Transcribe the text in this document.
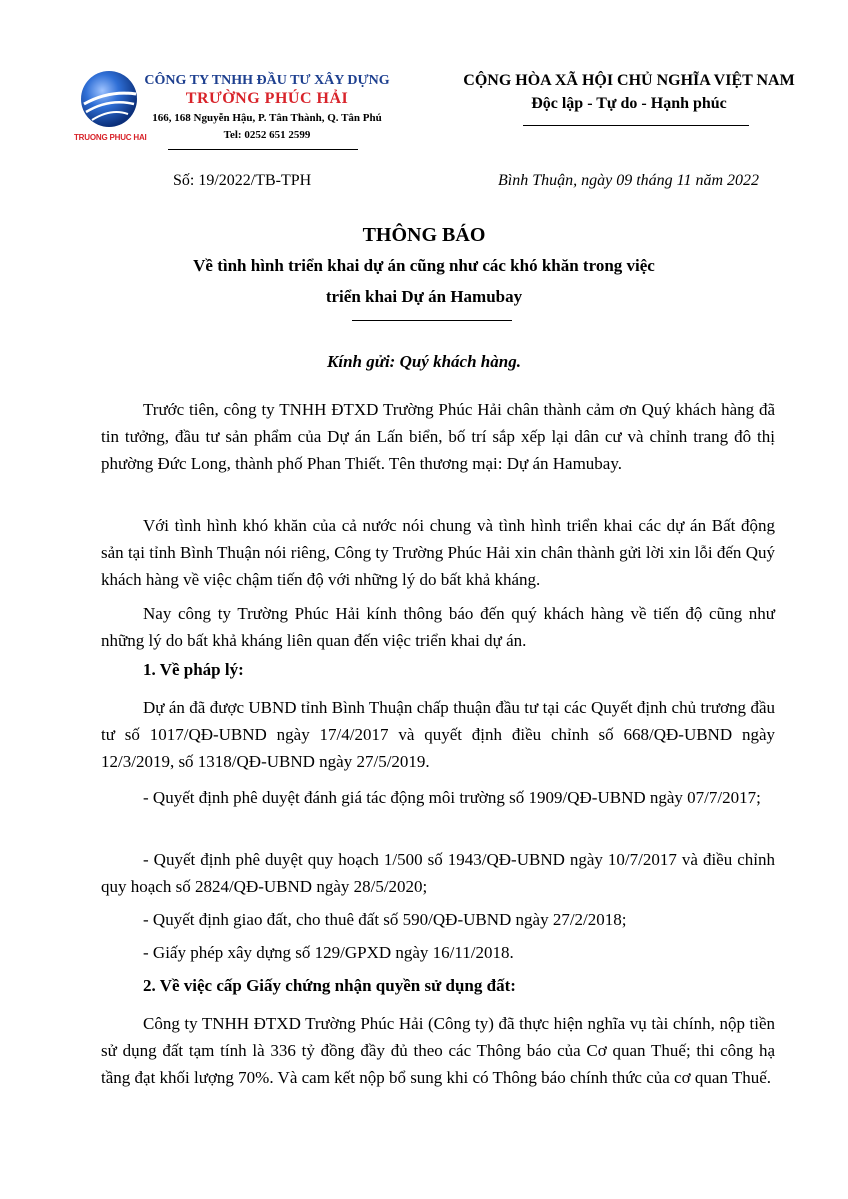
TRUONG PHUC HAI
CÔNG TY TNHH ĐẦU TƯ XÂY DỰNG
TRƯỜNG PHÚC HẢI
166, 168 Nguyễn Hậu, P. Tân Thành, Q. Tân Phú
Tel: 0252 651 2599
CỘNG HÒA XÃ HỘI CHỦ NGHĨA VIỆT NAM
Độc lập - Tự do - Hạnh phúc
Số: 19/2022/TB-TPH	Bình Thuận, ngày 09 tháng 11 năm 2022
THÔNG BÁO
Về tình hình triển khai dự án cũng như các khó khăn trong việc
triển khai Dự án Hamubay
Kính gửi: Quý khách hàng.

Trước tiên, công ty TNHH ĐTXD Trường Phúc Hải chân thành cảm ơn Quý khách hàng đã tin tưởng, đầu tư sản phẩm của Dự án Lấn biển, bố trí sắp xếp lại dân cư và chỉnh trang đô thị phường Đức Long, thành phố Phan Thiết. Tên thương mại: Dự án Hamubay.

Với tình hình khó khăn của cả nước nói chung và tình hình triển khai các dự án Bất động sản tại tỉnh Bình Thuận nói riêng, Công ty Trường Phúc Hải xin chân thành gửi lời xin lỗi đến Quý khách hàng về việc chậm tiến độ với những lý do bất khả kháng.

Nay công ty Trường Phúc Hải kính thông báo đến quý khách hàng về tiến độ cũng như những lý do bất khả kháng liên quan đến việc triển khai dự án.

1. Về pháp lý:

Dự án đã được UBND tỉnh Bình Thuận chấp thuận đầu tư tại các Quyết định chủ trương đầu tư số 1017/QĐ-UBND ngày 17/4/2017 và quyết định điều chỉnh số 668/QĐ-UBND ngày 12/3/2019, số 1318/QĐ-UBND ngày 27/5/2019.

- Quyết định phê duyệt đánh giá tác động môi trường số 1909/QĐ-UBND ngày 07/7/2017;

- Quyết định phê duyệt quy hoạch 1/500 số 1943/QĐ-UBND ngày 10/7/2017 và điều chỉnh quy hoạch số 2824/QĐ-UBND ngày 28/5/2020;

- Quyết định giao đất, cho thuê đất số 590/QĐ-UBND ngày 27/2/2018;

- Giấy phép xây dựng số 129/GPXD ngày 16/11/2018.

2. Về việc cấp Giấy chứng nhận quyền sử dụng đất:

Công ty TNHH ĐTXD Trường Phúc Hải (Công ty) đã thực hiện nghĩa vụ tài chính, nộp tiền sử dụng đất tạm tính là 336 tỷ đồng đầy đủ theo các Thông báo của Cơ quan Thuế; thi công hạ tầng đạt khối lượng 70%. Và cam kết nộp bổ sung khi có Thông báo chính thức của cơ quan Thuế.
